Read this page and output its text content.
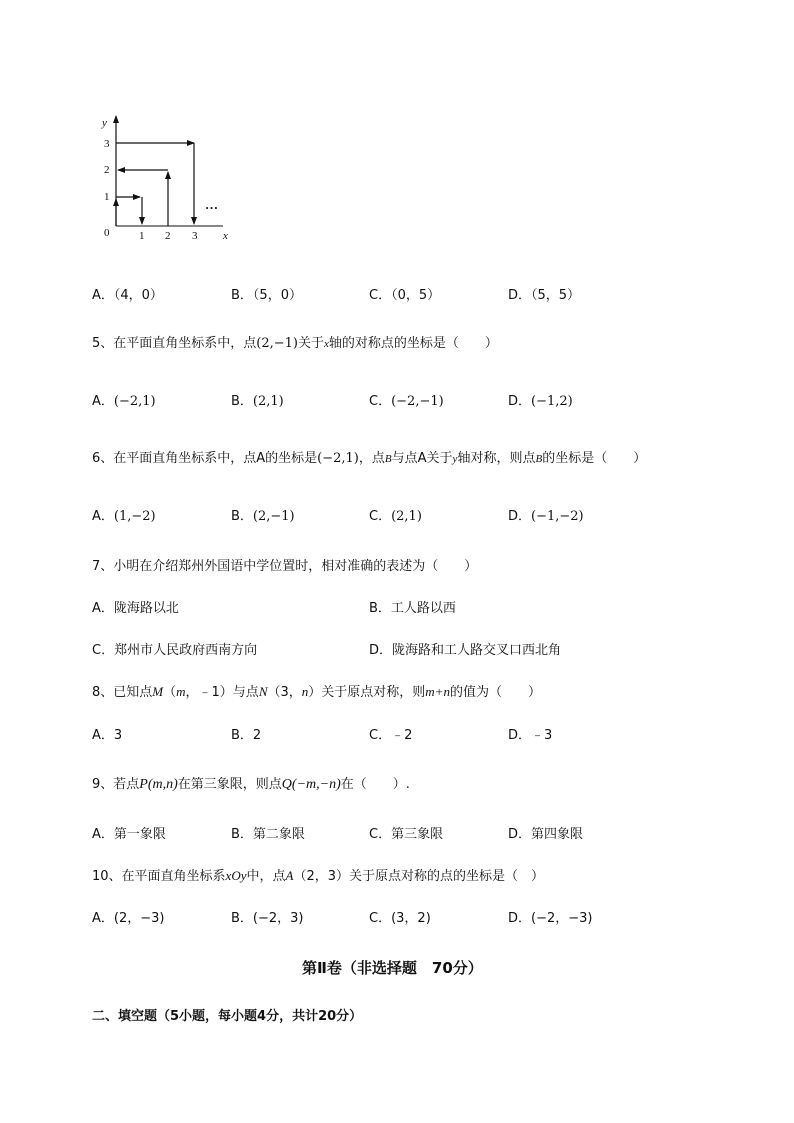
y
x
0
1
2
3
1 2 3
…
A．（4，0）	B．（5，0）	C．（0，5）	D．（5，5）
5、在平面直角坐标系中，点(2,−1)关于x轴的对称点的坐标是（　　）
A．(−2,1)	B．(2,1)	C．(−2,−1)	D．(−1,2)
6、在平面直角坐标系中，点A的坐标是(−2,1)，点B与点A关于y轴对称，则点B的坐标是（　　）
A．(1,−2)	B．(2,−1)	C．(2,1)	D．(−1,−2)
7、小明在介绍郑州外国语中学位置时，相对准确的表述为（　　）
A．陇海路以北	B．工人路以西
C．郑州市人民政府西南方向	D．陇海路和工人路交叉口西北角
8、已知点M（m，﹣1）与点N（3，n）关于原点对称，则m+n的值为（　　）
A．3	B．2	C．﹣2	D．﹣3
9、若点P(m,n)在第三象限，则点Q(−m,−n)在（　　）.
A．第一象限	B．第二象限	C．第三象限	D．第四象限
10、在平面直角坐标系xOy中，点A（2，3）关于原点对称的点的坐标是（　）
A．(2，−3)	B．(−2，3)	C．(3，2)	D．(−2，−3)
第Ⅱ卷（非选择题　70分）
二、填空题（5小题，每小题4分，共计20分）
